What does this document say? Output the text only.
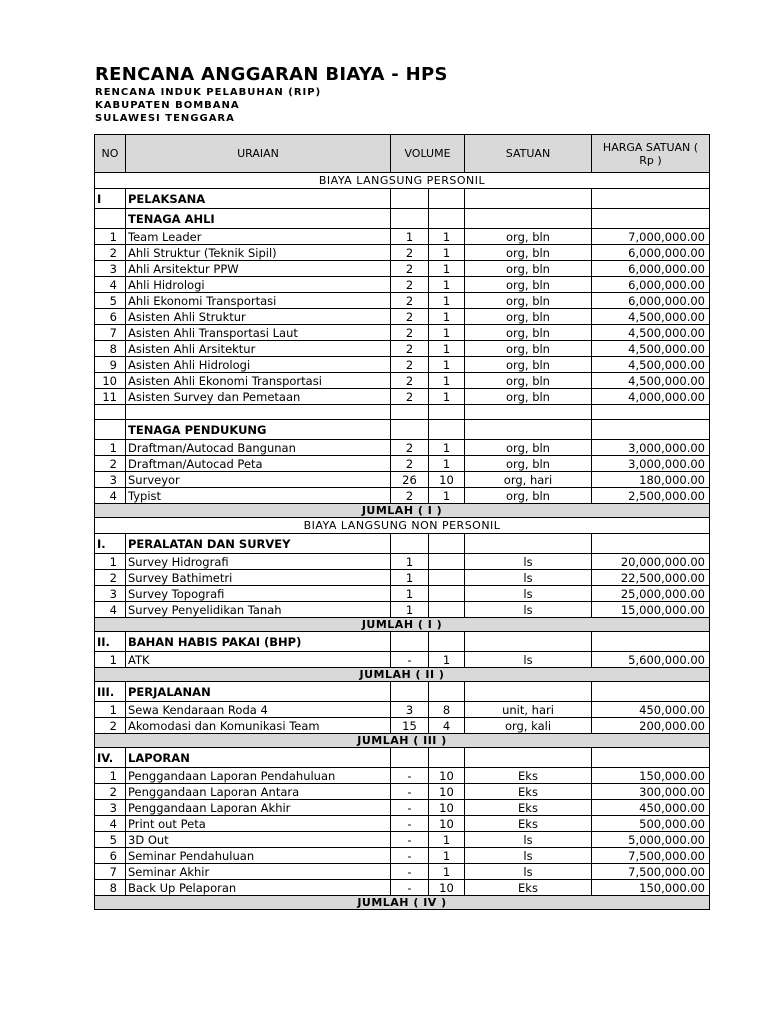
RENCANA ANGGARAN BIAYA - HPS
RENCANA INDUK PELABUHAN (RIP)
KABUPATEN BOMBANA
SULAWESI TENGGARA
NO	URAIAN	VOLUME		SATUAN	HARGA SATUAN ( Rp )
BIAYA LANGSUNG PERSONIL					
I	PELAKSANA				
	TENAGA AHLI				
1	Team Leader	1	1	org, bln	7,000,000.00
2	Ahli Struktur (Teknik Sipil)	2	1	org, bln	6,000,000.00
3	Ahli Arsitektur PPW	2	1	org, bln	6,000,000.00
4	Ahli Hidrologi	2	1	org, bln	6,000,000.00
5	Ahli Ekonomi Transportasi	2	1	org, bln	6,000,000.00
6	Asisten Ahli Struktur	2	1	org, bln	4,500,000.00
7	Asisten Ahli Transportasi Laut	2	1	org, bln	4,500,000.00
8	Asisten Ahli Arsitektur	2	1	org, bln	4,500,000.00
9	Asisten Ahli Hidrologi	2	1	org, bln	4,500,000.00
10	Asisten Ahli Ekonomi Transportasi	2	1	org, bln	4,500,000.00
11	Asisten Survey dan Pemetaan	2	1	org, bln	4,000,000.00

	TENAGA PENDUKUNG				
1	Draftman/Autocad Bangunan	2	1	org, bln	3,000,000.00
2	Draftman/Autocad Peta	2	1	org, bln	3,000,000.00
3	Surveyor	26	10	org, hari	180,000.00
4	Typist	2	1	org, bln	2,500,000.00
JUMLAH ( I )					
BIAYA LANGSUNG NON PERSONIL					
I.	PERALATAN DAN SURVEY				
1	Survey Hidrografi	1		ls	20,000,000.00
2	Survey Bathimetri	1		ls	22,500,000.00
3	Survey Topografi	1		ls	25,000,000.00
4	Survey Penyelidikan Tanah	1		ls	15,000,000.00
JUMLAH ( I )					
II.	BAHAN HABIS PAKAI (BHP)				
1	ATK	-	1	ls	5,600,000.00
JUMLAH ( II )					
III.	PERJALANAN				
1	Sewa Kendaraan Roda 4	3	8	unit, hari	450,000.00
2	Akomodasi dan Komunikasi Team	15	4	org, kali	200,000.00
JUMLAH ( III )					
IV.	LAPORAN				
1	Penggandaan Laporan Pendahuluan	-	10	Eks	150,000.00
2	Penggandaan Laporan Antara	-	10	Eks	300,000.00
3	Penggandaan Laporan Akhir	-	10	Eks	450,000.00
4	Print out Peta	-	10	Eks	500,000.00
5	3D Out	-	1	ls	5,000,000.00
6	Seminar Pendahuluan	-	1	ls	7,500,000.00
7	Seminar Akhir	-	1	ls	7,500,000.00
8	Back Up Pelaporan	-	10	Eks	150,000.00
JUMLAH ( IV )					
